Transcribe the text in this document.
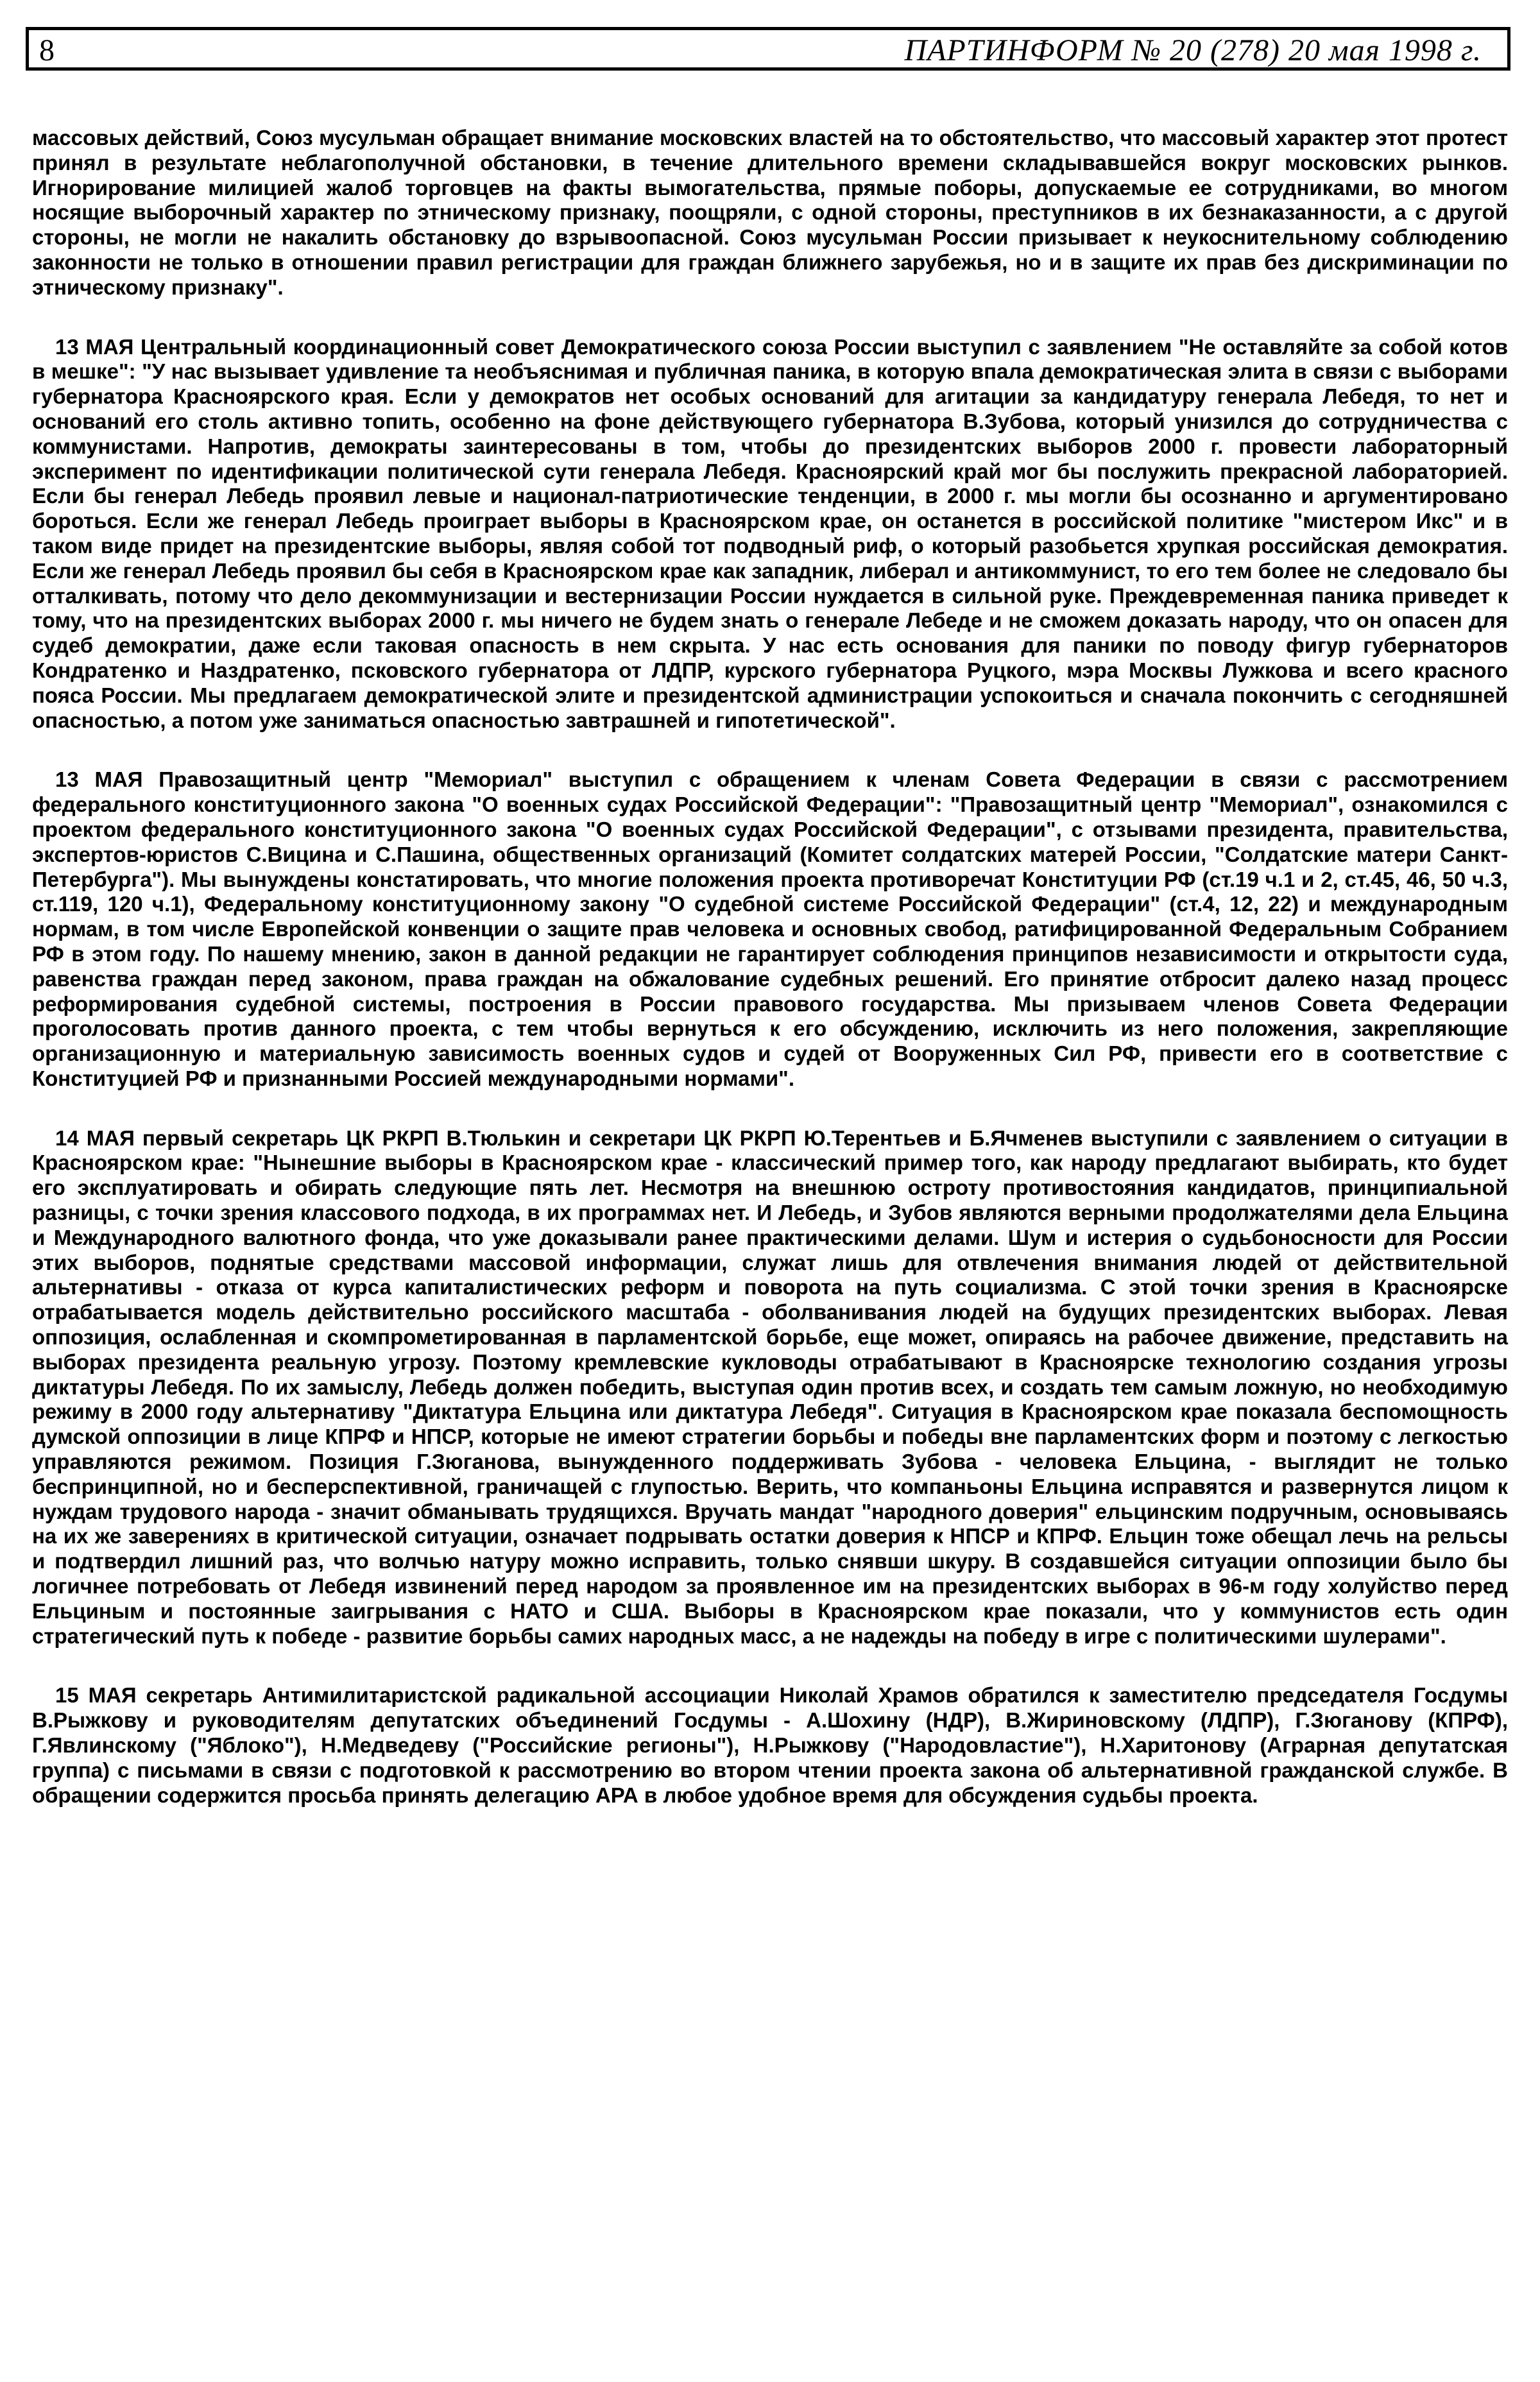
8	ПАРТИНФОРМ № 20 (278) 20 мая 1998 г.

массовых действий, Союз мусульман обращает внимание московских властей на то обстоятельство, что массовый характер этот протест принял в результате неблагополучной обстановки, в течение длительного времени складывавшейся вокруг московских рынков. Игнорирование милицией жалоб торговцев на факты вымогательства, прямые поборы, допускаемые ее сотрудниками, во многом носящие выборочный характер по этническому признаку, поощряли, с одной стороны, преступников в их безнаказанности, а с другой стороны, не могли не накалить обстановку до взрывоопасной. Союз мусульман России призывает к неукоснительному соблюдению законности не только в отношении правил регистрации для граждан ближнего зарубежья, но и в защите их прав без дискриминации по этническому признаку".

13 МАЯ Центральный координационный совет Демократического союза России выступил с заявлением "Не оставляйте за собой котов в мешке": "У нас вызывает удивление та необъяснимая и публичная паника, в которую впала демократическая элита в связи с выборами губернатора Красноярского края. Если у демократов нет особых оснований для агитации за кандидатуру генерала Лебедя, то нет и оснований его столь активно топить, особенно на фоне действующего губернатора В.Зубова, который унизился до сотрудничества с коммунистами. Напротив, демократы заинтересованы в том, чтобы до президентских выборов 2000 г. провести лабораторный эксперимент по идентификации политической сути генерала Лебедя. Красноярский край мог бы послужить прекрасной лабораторией. Если бы генерал Лебедь проявил левые и национал-патриотические тенденции, в 2000 г. мы могли бы осознанно и аргументировано бороться. Если же генерал Лебедь проиграет выборы в Красноярском крае, он останется в российской политике "мистером Икс" и в таком виде придет на президентские выборы, являя собой тот подводный риф, о который разобьется хрупкая российская демократия. Если же генерал Лебедь проявил бы себя в Красноярском крае как западник, либерал и антикоммунист, то его тем более не следовало бы отталкивать, потому что дело декоммунизации и вестернизации России нуждается в сильной руке. Преждевременная паника приведет к тому, что на президентских выборах 2000 г. мы ничего не будем знать о генерале Лебеде и не сможем доказать народу, что он опасен для судеб демократии, даже если таковая опасность в нем скрыта. У нас есть основания для паники по поводу фигур губернаторов Кондратенко и Наздратенко, псковского губернатора от ЛДПР, курского губернатора Руцкого, мэра Москвы Лужкова и всего красного пояса России. Мы предлагаем демократической элите и президентской администрации успокоиться и сначала покончить с сегодняшней опасностью, а потом уже заниматься опасностью завтрашней и гипотетической".

13 МАЯ Правозащитный центр "Мемориал" выступил с обращением к членам Совета Федерации в связи с рассмотрением федерального конституционного закона "О военных судах Российской Федерации": "Правозащитный центр "Мемориал", ознакомился с проектом федерального конституционного закона "О военных судах Российской Федерации", с отзывами президента, правительства, экспертов-юристов С.Вицина и С.Пашина, общественных организаций (Комитет солдатских матерей России, "Солдатские матери Санкт-Петербурга"). Мы вынуждены констатировать, что многие положения проекта противоречат Конституции РФ (ст.19 ч.1 и 2, ст.45, 46, 50 ч.3, ст.119, 120 ч.1), Федеральному конституционному закону "О судебной системе Российской Федерации" (ст.4, 12, 22) и международным нормам, в том числе Европейской конвенции о защите прав человека и основных свобод, ратифицированной Федеральным Собранием РФ в этом году. По нашему мнению, закон в данной редакции не гарантирует соблюдения принципов независимости и открытости суда, равенства граждан перед законом, права граждан на обжалование судебных решений. Его принятие отбросит далеко назад процесс реформирования судебной системы, построения в России правового государства. Мы призываем членов Совета Федерации проголосовать против данного проекта, с тем чтобы вернуться к его обсуждению, исключить из него положения, закрепляющие организационную и материальную зависимость военных судов и судей от Вооруженных Сил РФ, привести его в соответствие с Конституцией РФ и признанными Россией международными нормами".

14 МАЯ первый секретарь ЦК РКРП В.Тюлькин и секретари ЦК РКРП Ю.Терентьев и Б.Ячменев выступили с заявлением о ситуации в Красноярском крае: "Нынешние выборы в Красноярском крае - классический пример того, как народу предлагают выбирать, кто будет его эксплуатировать и обирать следующие пять лет. Несмотря на внешнюю остроту противостояния кандидатов, принципиальной разницы, с точки зрения классового подхода, в их программах нет. И Лебедь, и Зубов являются верными продолжателями дела Ельцина и Международного валютного фонда, что уже доказывали ранее практическими делами. Шум и истерия о судьбоносности для России этих выборов, поднятые средствами массовой информации, служат лишь для отвлечения внимания людей от действительной альтернативы - отказа от курса капиталистических реформ и поворота на путь социализма. С этой точки зрения в Красноярске отрабатывается модель действительно российского масштаба - оболванивания людей на будущих президентских выборах. Левая оппозиция, ослабленная и скомпрометированная в парламентской борьбе, еще может, опираясь на рабочее движение, представить на выборах президента реальную угрозу. Поэтому кремлевские кукловоды отрабатывают в Красноярске технологию создания угрозы диктатуры Лебедя. По их замыслу, Лебедь должен победить, выступая один против всех, и создать тем самым ложную, но необходимую режиму в 2000 году альтернативу "Диктатура Ельцина или диктатура Лебедя". Ситуация в Красноярском крае показала беспомощность думской оппозиции в лице КПРФ и НПСР, которые не имеют стратегии борьбы и победы вне парламентских форм и поэтому с легкостью управляются режимом. Позиция Г.Зюганова, вынужденного поддерживать Зубова - человека Ельцина, - выглядит не только беспринципной, но и бесперспективной, граничащей с глупостью. Верить, что компаньоны Ельцина исправятся и развернутся лицом к нуждам трудового народа - значит обманывать трудящихся. Вручать мандат "народного доверия" ельцинским подручным, основываясь на их же заверениях в критической ситуации, означает подрывать остатки доверия к НПСР и КПРФ. Ельцин тоже обещал лечь на рельсы и подтвердил лишний раз, что волчью натуру можно исправить, только снявши шкуру. В создавшейся ситуации оппозиции было бы логичнее потребовать от Лебедя извинений перед народом за проявленное им на президентских выборах в 96-м году холуйство перед Ельциным и постоянные заигрывания с НАТО и США. Выборы в Красноярском крае показали, что у коммунистов есть один стратегический путь к победе - развитие борьбы самих народных масс, а не надежды на победу в игре с политическими шулерами".

15 МАЯ секретарь Антимилитаристской радикальной ассоциации Николай Храмов обратился к заместителю председателя Госдумы В.Рыжкову и руководителям депутатских объединений Госдумы - А.Шохину (НДР), В.Жириновскому (ЛДПР), Г.Зюганову (КПРФ), Г.Явлинскому ("Яблоко"), Н.Медведеву ("Российские регионы"), Н.Рыжкову ("Народовластие"), Н.Харитонову (Аграрная депутатская группа) с письмами в связи с подготовкой к рассмотрению во втором чтении проекта закона об альтернативной гражданской службе. В обращении содержится просьба принять делегацию АРА в любое удобное время для обсуждения судьбы проекта.
